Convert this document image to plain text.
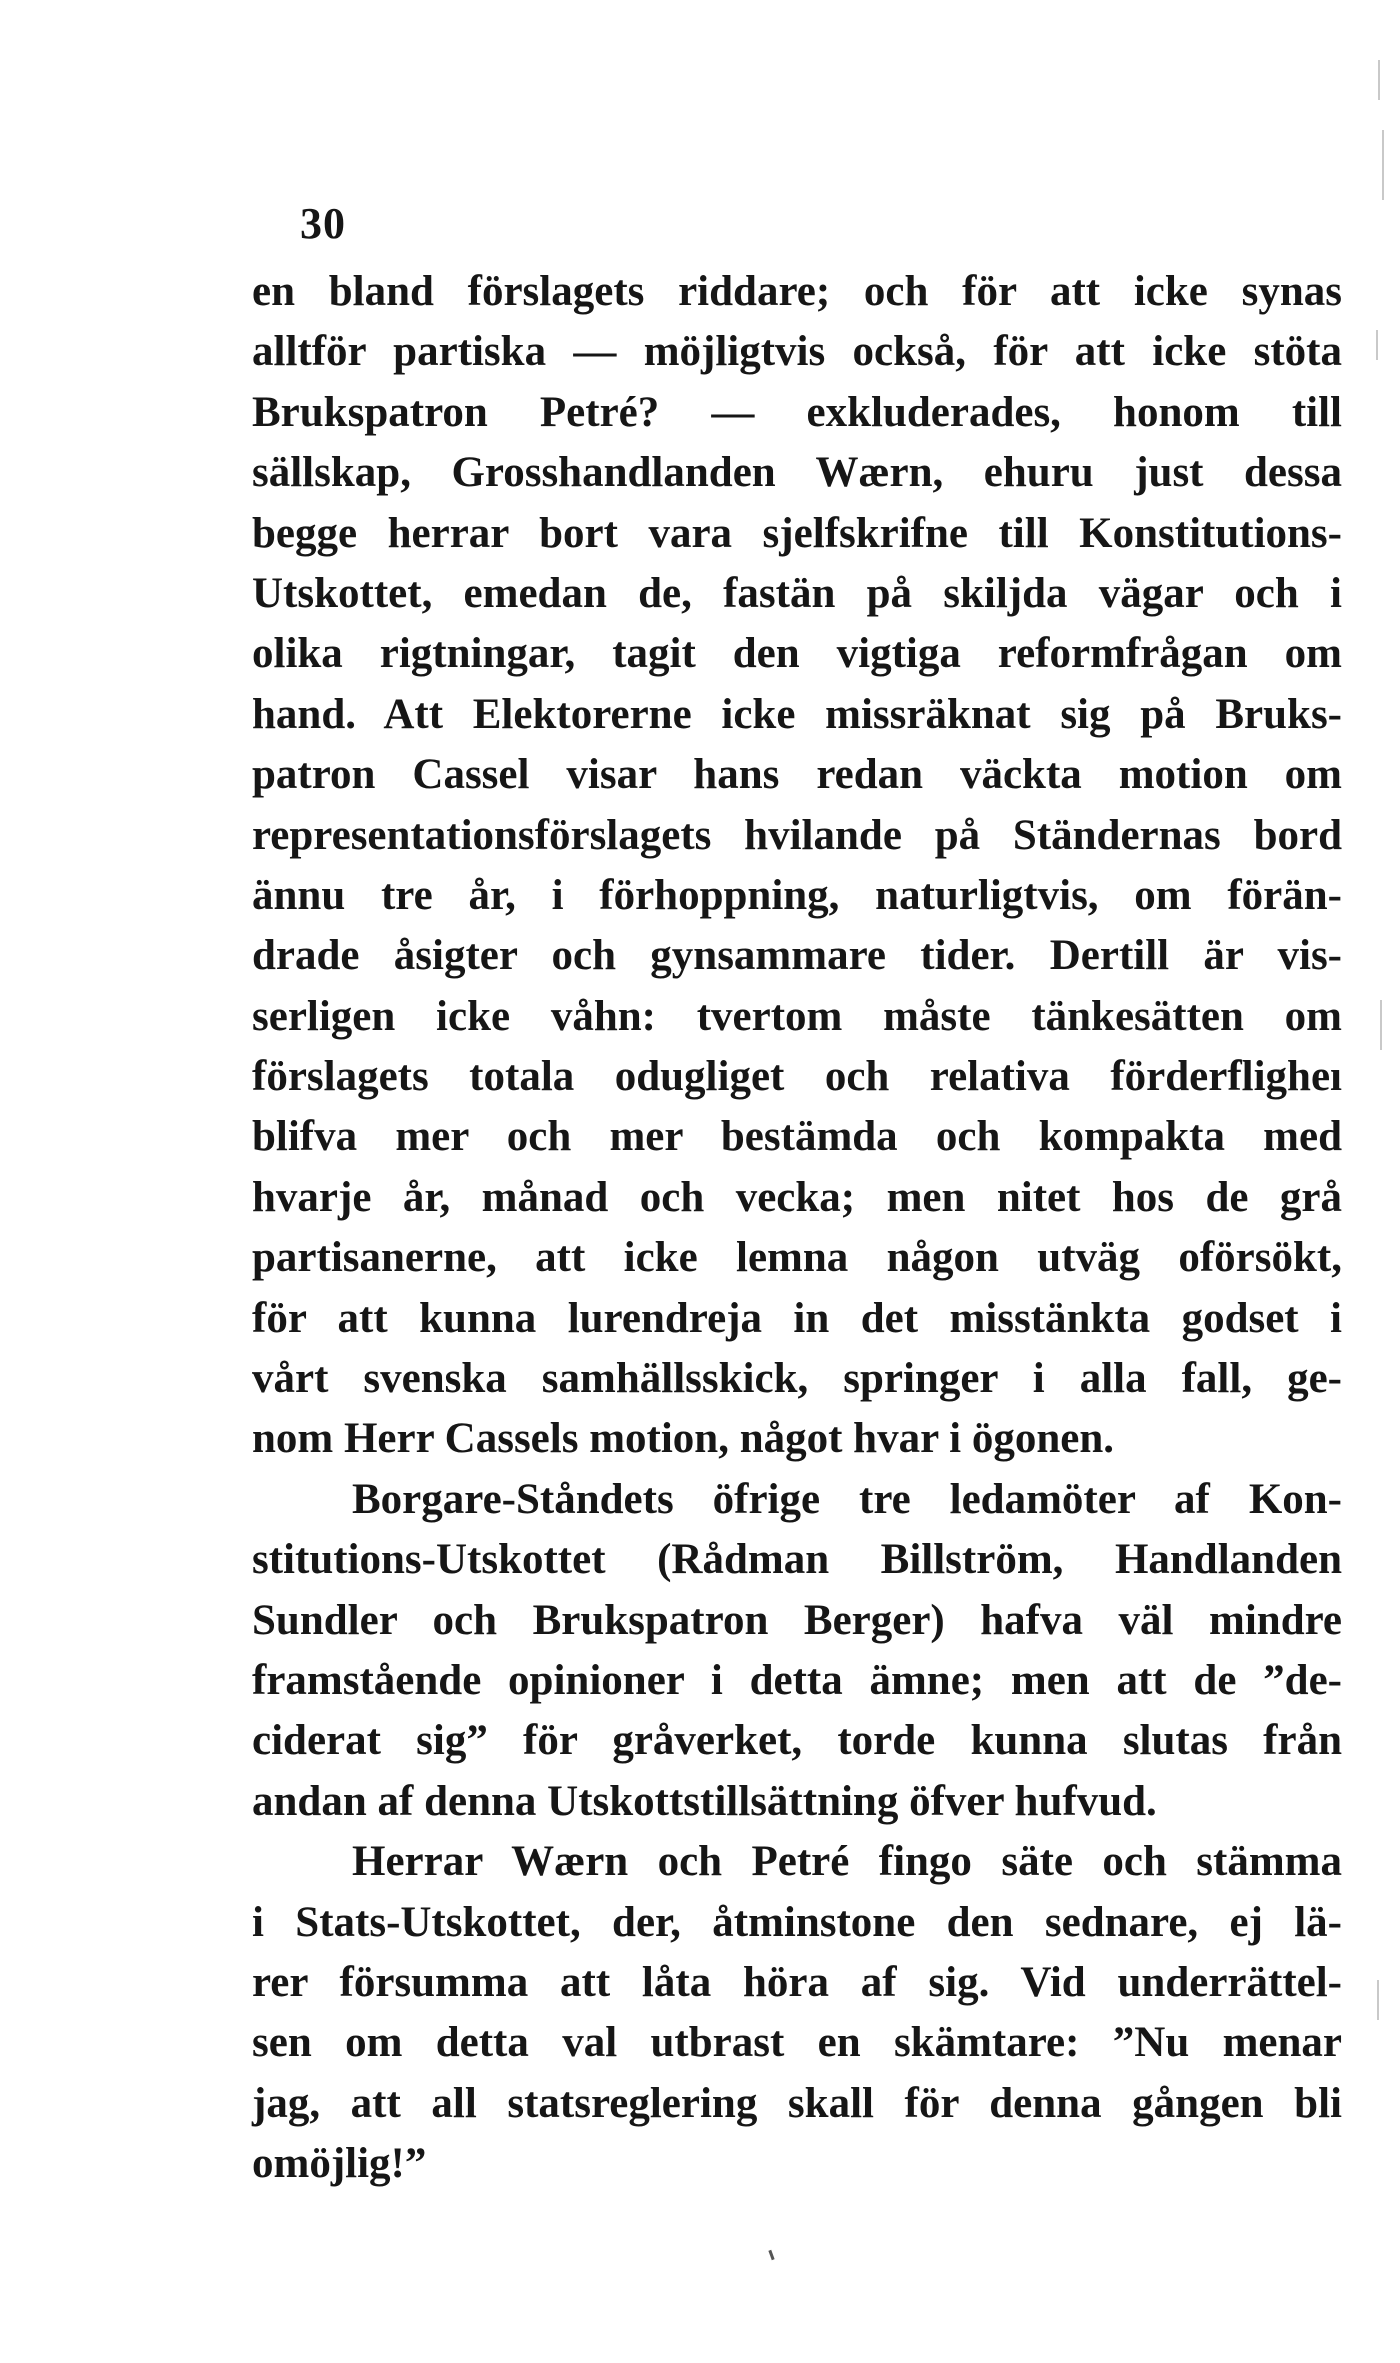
30
en bland förslagets riddare; och för att icke synas
alltför partiska — möjligtvis också, för att icke stöta
Brukspatron Petré? — exkluderades, honom till
sällskap, Grosshandlanden Wærn, ehuru just dessa
begge herrar bort vara sjelfskrifne till Konstitutions-
Utskottet, emedan de, fastän på skiljda vägar och i
olika rigtningar, tagit den vigtiga reformfrågan om
hand. Att Elektorerne icke missräknat sig på Bruks-
patron Cassel visar hans redan väckta motion om
representationsförslagets hvilande på Ständernas bord
ännu tre år, i förhoppning, naturligtvis, om förän-
drade åsigter och gynsammare tider. Dertill är vis-
serligen icke våhn: tvertom måste tänkesätten om
förslagets totala odugliget och relativa förderfligheı
blifva mer och mer bestämda och kompakta med
hvarje år, månad och vecka; men nitet hos de grå
partisanerne, att icke lemna någon utväg oförsökt,
för att kunna lurendreja in det misstänkta godset i
vårt svenska samhällsskick, springer i alla fall, ge-
nom Herr Cassels motion, något hvar i ögonen.
Borgare-Ståndets öfrige tre ledamöter af Kon-
stitutions-Utskottet (Rådman Billström, Handlanden
Sundler och Brukspatron Berger) hafva väl mindre
framstående opinioner i detta ämne; men att de ”de-
ciderat sig” för gråverket, torde kunna slutas från
andan af denna Utskottstillsättning öfver hufvud.
Herrar Wærn och Petré fingo säte och stämma
i Stats-Utskottet, der, åtminstone den sednare, ej lä-
rer försumma att låta höra af sig. Vid underrättel-
sen om detta val utbrast en skämtare: ”Nu menar
jag, att all statsreglering skall för denna gången bli
omöjlig!”
